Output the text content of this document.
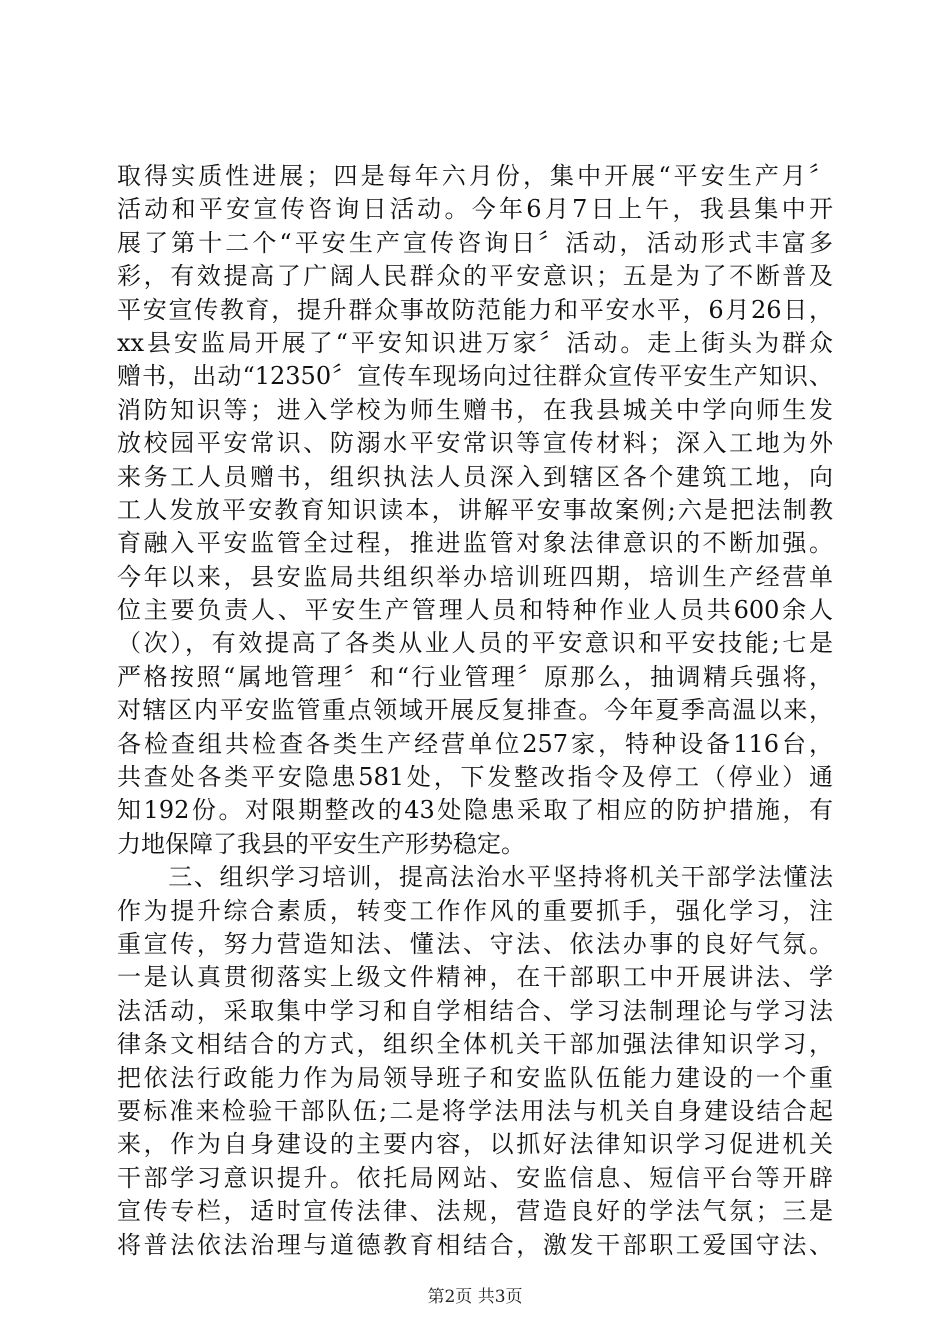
取得实质性进展；四是每年六月份，集中开展“平安生产月〞
活动和平安宣传咨询日活动。今年6月7日上午，我县集中开
展了第十二个“平安生产宣传咨询日〞活动，活动形式丰富多
彩，有效提高了广阔人民群众的平安意识；五是为了不断普及
平安宣传教育，提升群众事故防范能力和平安水平，6月26日，
xx县安监局开展了“平安知识进万家〞活动。走上街头为群众
赠书，出动“12350〞宣传车现场向过往群众宣传平安生产知识、
消防知识等；进入学校为师生赠书，在我县城关中学向师生发
放校园平安常识、防溺水平安常识等宣传材料；深入工地为外
来务工人员赠书，组织执法人员深入到辖区各个建筑工地，向
工人发放平安教育知识读本，讲解平安事故案例;六是把法制教
育融入平安监管全过程，推进监管对象法律意识的不断加强。
今年以来，县安监局共组织举办培训班四期，培训生产经营单
位主要负责人、平安生产管理人员和特种作业人员共600余人
（次），有效提高了各类从业人员的平安意识和平安技能;七是
严格按照“属地管理〞和“行业管理〞原那么，抽调精兵强将，
对辖区内平安监管重点领域开展反复排查。今年夏季高温以来，
各检查组共检查各类生产经营单位257家，特种设备116台，
共查处各类平安隐患581处，下发整改指令及停工（停业）通
知192份。对限期整改的43处隐患采取了相应的防护措施，有
力地保障了我县的平安生产形势稳定。
　　三、组织学习培训，提高法治水平坚持将机关干部学法懂法
作为提升综合素质，转变工作作风的重要抓手，强化学习，注
重宣传，努力营造知法、懂法、守法、依法办事的良好气氛。
一是认真贯彻落实上级文件精神，在干部职工中开展讲法、学
法活动，采取集中学习和自学相结合、学习法制理论与学习法
律条文相结合的方式，组织全体机关干部加强法律知识学习，
把依法行政能力作为局领导班子和安监队伍能力建设的一个重
要标准来检验干部队伍;二是将学法用法与机关自身建设结合起
来，作为自身建设的主要内容，以抓好法律知识学习促进机关
干部学习意识提升。依托局网站、安监信息、短信平台等开辟
宣传专栏，适时宣传法律、法规，营造良好的学法气氛；三是
将普法依法治理与道德教育相结合，激发干部职工爱国守法、
第2页 共3页
